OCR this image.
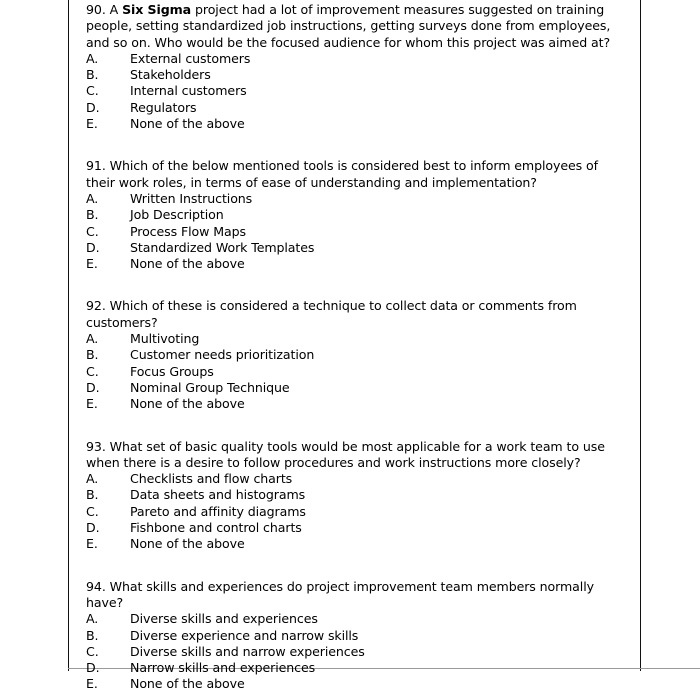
90. A Six Sigma project had a lot of improvement measures suggested on training people, setting standardized job instructions, getting surveys done from employees, and so on. Who would be the focused audience for whom this project was aimed at?

A.	External customers
B.	Stakeholders
C.	Internal customers
D.	Regulators
E.	None of the above

91. Which of the below mentioned tools is considered best to inform employees of their work roles, in terms of ease of understanding and implementation?

A.	Written Instructions
B.	Job Description
C.	Process Flow Maps
D.	Standardized Work Templates
E.	None of the above

92. Which of these is considered a technique to collect data or comments from customers?

A.	Multivoting
B.	Customer needs prioritization
C.	Focus Groups
D.	Nominal Group Technique
E.	None of the above

93. What set of basic quality tools would be most applicable for a work team to use when there is a desire to follow procedures and work instructions more closely?

A.	Checklists and flow charts
B.	Data sheets and histograms
C.	Pareto and affinity diagrams
D.	Fishbone and control charts
E.	None of the above

94. What skills and experiences do project improvement team members normally have?

A.	Diverse skills and experiences
B.	Diverse experience and narrow skills
C.	Diverse skills and narrow experiences
D.	Narrow skills and experiences
E.	None of the above
